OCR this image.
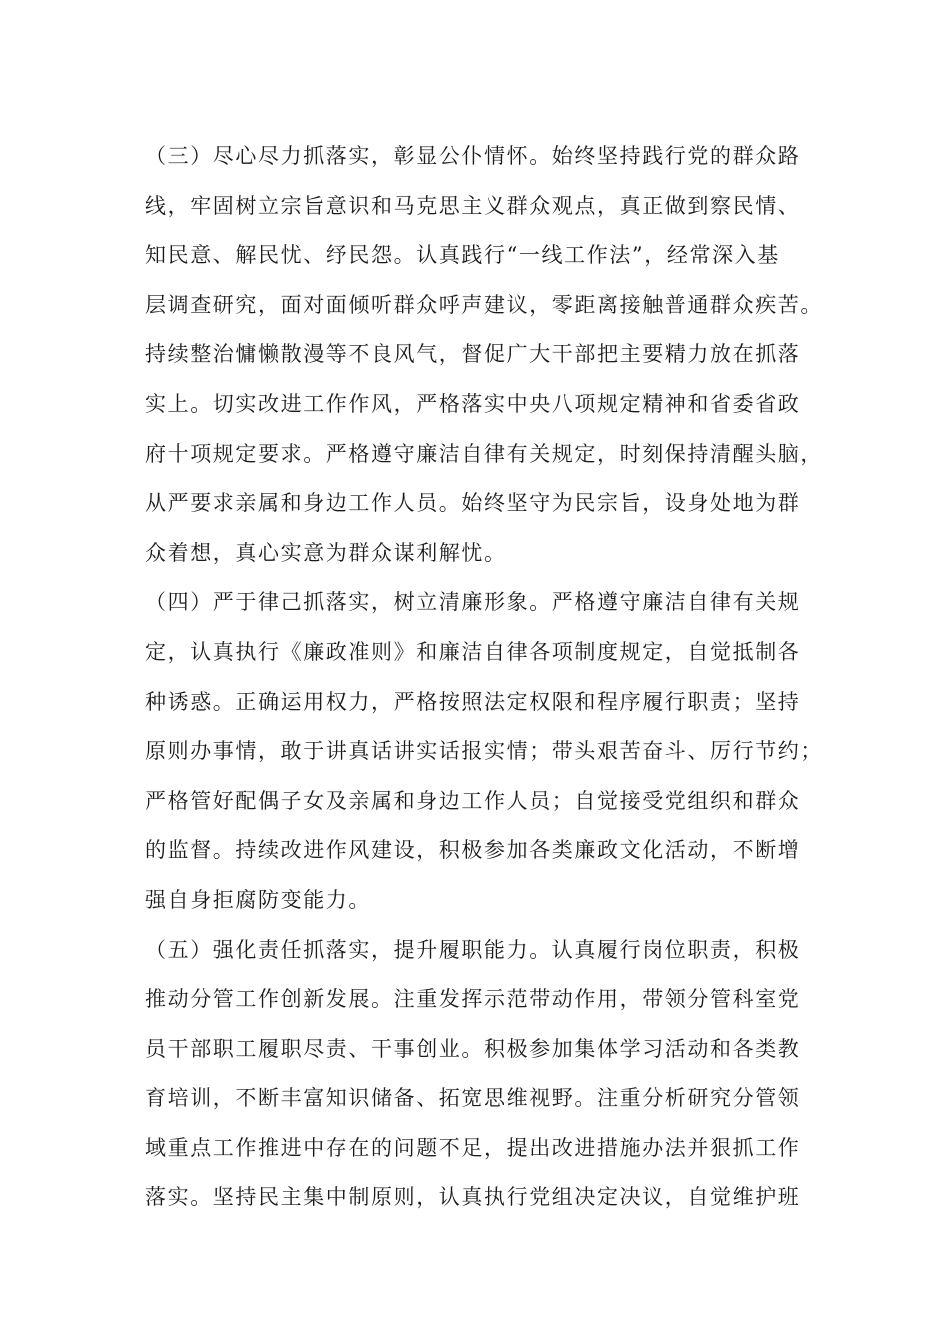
（三）尽心尽力抓落实，彰显公仆情怀。始终坚持践行党的群众路
线，牢固树立宗旨意识和马克思主义群众观点，真正做到察民情、
知民意、解民忧、纾民怨。认真践行“一线工作法”，经常深入基
层调查研究，面对面倾听群众呼声建议，零距离接触普通群众疾苦。
持续整治慵懒散漫等不良风气，督促广大干部把主要精力放在抓落
实上。切实改进工作作风，严格落实中央八项规定精神和省委省政
府十项规定要求。严格遵守廉洁自律有关规定，时刻保持清醒头脑，
从严要求亲属和身边工作人员。始终坚守为民宗旨，设身处地为群
众着想，真心实意为群众谋利解忧。
（四）严于律己抓落实，树立清廉形象。严格遵守廉洁自律有关规
定，认真执行《廉政准则》和廉洁自律各项制度规定，自觉抵制各
种诱惑。正确运用权力，严格按照法定权限和程序履行职责；坚持
原则办事情，敢于讲真话讲实话报实情；带头艰苦奋斗、厉行节约；
严格管好配偶子女及亲属和身边工作人员；自觉接受党组织和群众
的监督。持续改进作风建设，积极参加各类廉政文化活动，不断增
强自身拒腐防变能力。
（五）强化责任抓落实，提升履职能力。认真履行岗位职责，积极
推动分管工作创新发展。注重发挥示范带动作用，带领分管科室党
员干部职工履职尽责、干事创业。积极参加集体学习活动和各类教
育培训，不断丰富知识储备、拓宽思维视野。注重分析研究分管领
域重点工作推进中存在的问题不足，提出改进措施办法并狠抓工作
落实。坚持民主集中制原则，认真执行党组决定决议，自觉维护班
